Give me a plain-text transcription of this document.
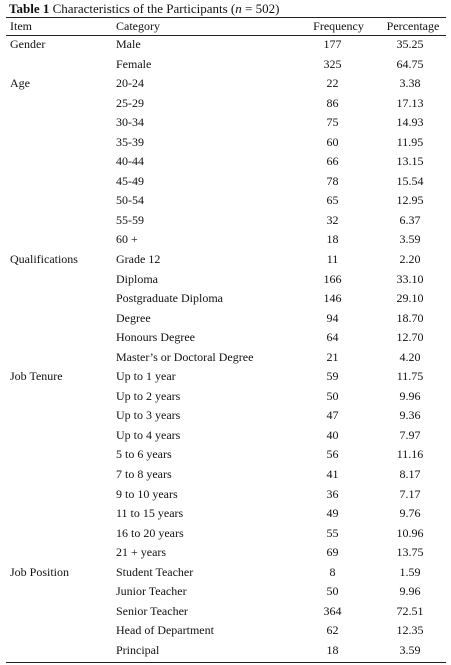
Table 1 Characteristics of the Participants (n = 502)
Item	Category	Frequency	Percentage
Gender	Male	177	35.25
	Female	325	64.75
Age	20-24	22	3.38
	25-29	86	17.13
	30-34	75	14.93
	35-39	60	11.95
	40-44	66	13.15
	45-49	78	15.54
	50-54	65	12.95
	55-59	32	6.37
	60 +	18	3.59
Qualifications	Grade 12	11	2.20
	Diploma	166	33.10
	Postgraduate Diploma	146	29.10
	Degree	94	18.70
	Honours Degree	64	12.70
	Master’s or Doctoral Degree	21	4.20
Job Tenure	Up to 1 year	59	11.75
	Up to 2 years	50	9.96
	Up to 3 years	47	9.36
	Up to 4 years	40	7.97
	5 to 6 years	56	11.16
	7 to 8 years	41	8.17
	9 to 10 years	36	7.17
	11 to 15 years	49	9.76
	16 to 20 years	55	10.96
	21 + years	69	13.75
Job Position	Student Teacher	8	1.59
	Junior Teacher	50	9.96
	Senior Teacher	364	72.51
	Head of Department	62	12.35
	Principal	18	3.59
